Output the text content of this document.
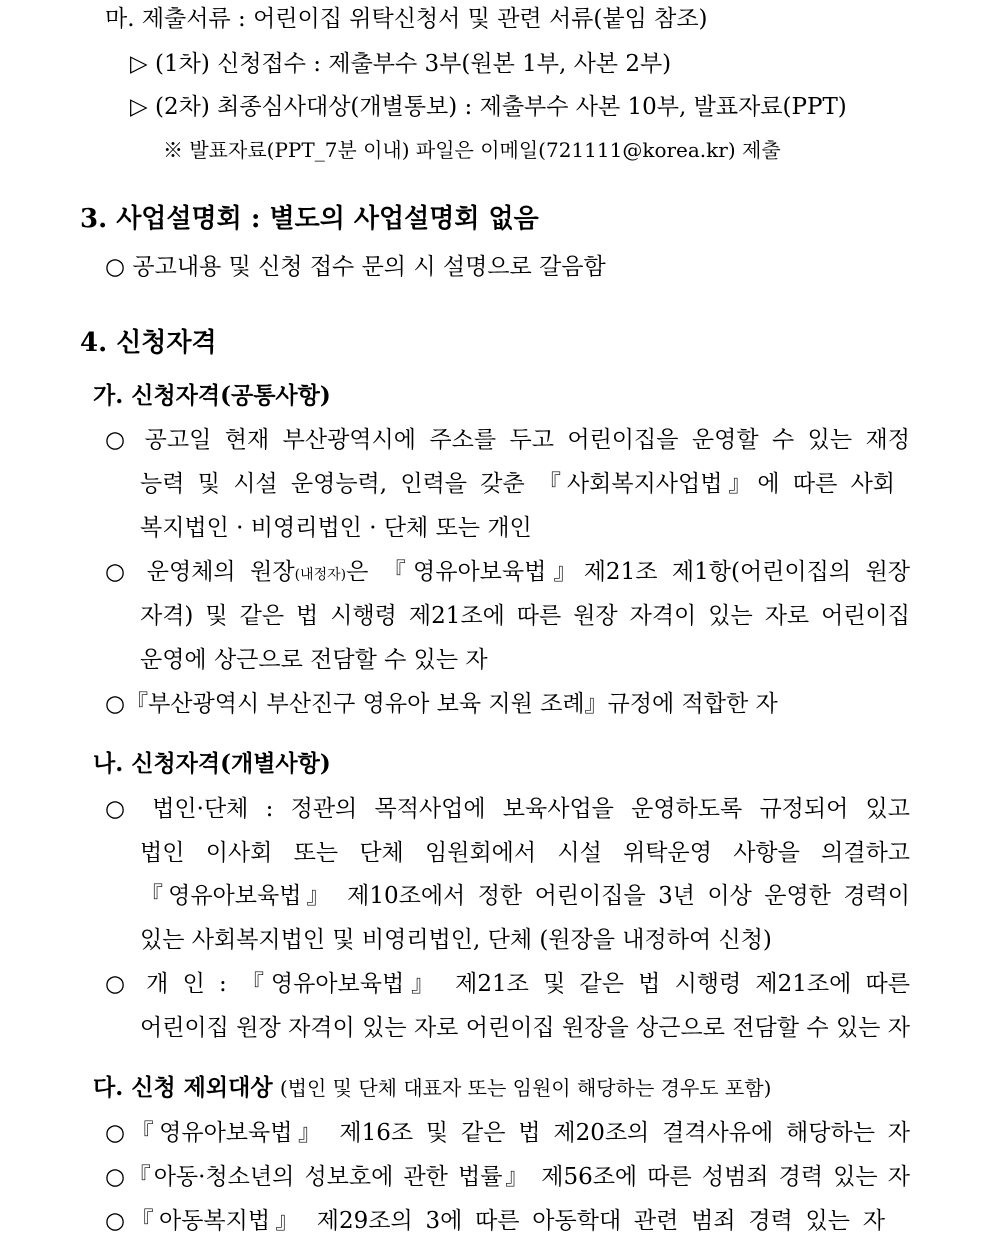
마. 제출서류 : 어린이집 위탁신청서 및 관련 서류(붙임 참조)
▷ (1차) 신청접수 : 제출부수 3부(원본 1부, 사본 2부)
▷ (2차) 최종심사대상(개별통보) : 제출부수 사본 10부, 발표자료(PPT)
※ 발표자료(PPT_7분 이내) 파일은 이메일(721111@korea.kr) 제출
3. 사업설명회 : 별도의 사업설명회 없음
○ 공고내용 및 신청 접수 문의 시 설명으로 갈음함
4. 신청자격
가. 신청자격(공통사항)
○ 공고일 현재 부산광역시에 주소를 두고 어린이집을 운영할 수 있는 재정
능력 및 시설 운영능력, 인력을 갖춘 『사회복지사업법』에 따른 사회
복지법인 · 비영리법인 · 단체 또는 개인
○ 운영체의 원장(내정자)은 『영유아보육법』제21조 제1항(어린이집의 원장
자격) 및 같은 법 시행령 제21조에 따른 원장 자격이 있는 자로 어린이집
운영에 상근으로 전담할 수 있는 자
○『부산광역시 부산진구 영유아 보육 지원 조례』규정에 적합한 자
나. 신청자격(개별사항)
○ 법인·단체 : 정관의 목적사업에 보육사업을 운영하도록 규정되어 있고
법인 이사회 또는 단체 임원회에서 시설 위탁운영 사항을 의결하고
『영유아보육법』 제10조에서 정한 어린이집을 3년 이상 운영한 경력이
있는 사회복지법인 및 비영리법인, 단체 (원장을 내정하여 신청)
○ 개 인 : 『영유아보육법』 제21조 및 같은 법 시행령 제21조에 따른
어린이집 원장 자격이 있는 자로 어린이집 원장을 상근으로 전담할 수 있는 자
다. 신청 제외대상 (법인 및 단체 대표자 또는 임원이 해당하는 경우도 포함)
○『영유아보육법』 제16조 및 같은 법 제20조의 결격사유에 해당하는 자
○『아동·청소년의 성보호에 관한 법률』 제56조에 따른 성범죄 경력 있는 자
○『아동복지법』 제29조의 3에 따른 아동학대 관련 범죄 경력 있는 자
